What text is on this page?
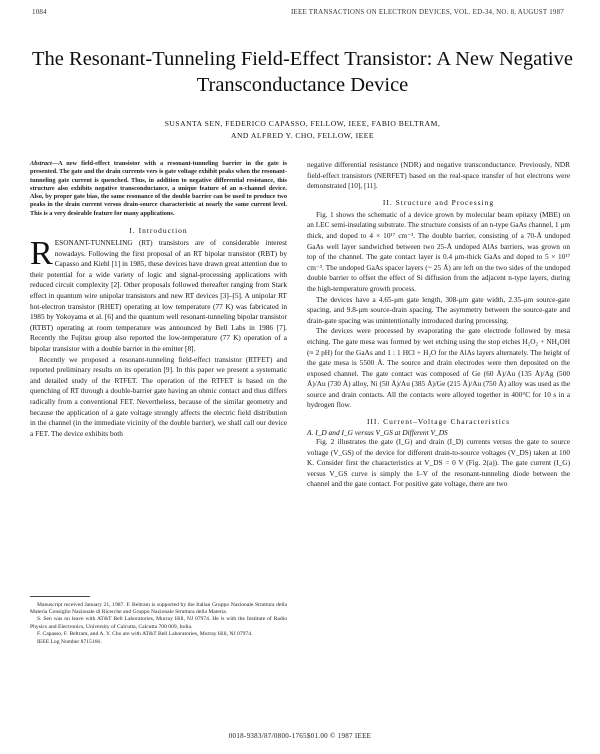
1084	IEEE TRANSACTIONS ON ELECTRON DEVICES, VOL. ED-34, NO. 8, AUGUST 1987
The Resonant-Tunneling Field-Effect Transistor: A New Negative Transconductance Device
SUSANTA SEN, FEDERICO CAPASSO, FELLOW, IEEE, FABIO BELTRAM,
AND ALFRED Y. CHO, FELLOW, IEEE
Abstract—A new field-effect transistor with a resonant-tunneling barrier in the gate is presented. The gate and the drain currents vers is gate voltage exhibit peaks when the resonant-tunneling gate current is quenched. Thus, in addition to negative differential resistance, this structure also exhibits negative transconductance, a unique feature of an n-channel device. Also, by proper gate bias, the same resonance of the double barrier can be used to produce two peaks in the drain current versus drain-source characteristic at nearly the same current level. This is a very desirable feature for many applications.
I. Introduction
RESONANT-TUNNELING (RT) transistors are of considerable interest nowadays. Following the first proposal of an RT bipolar transistor (RBT) by Capasso and Kiehl [1] in 1985, these devices have drawn great attention due to their potential for a wide variety of logic and signal-processing applications with reduced circuit complexity [2]. Other proposals followed thereafter ranging from Stark effect in quantum wire unipolar transistors and new RT devices [3]–[5]. A unipolar RT hot-electron transistor (RHET) operating at low temperature (77 K) was fabricated in 1985 by Yokoyama et al. [6] and the quantum well resonant-tunneling bipolar transistor (RTBT) operating at room temperature was announced by Bell Labs in 1986 [7]. Recently the Fujitsu group also reported the low-temperature (77 K) operation of a bipolar transistor with a double barrier in the emitter [8].

Recently we proposed a resonant-tunneling field-effect transistor (RTFET) and reported preliminary results on its operation [9]. In this paper we present a systematic and detailed study of the RTFET. The operation of the RTFET is based on the quenching of RT through a double-barrier gate having an ohmic contact and thus differs radically from a conventional FET. Nevertheless, because of the similar geometry and because the application of a gate voltage strongly affects the electric field distribution in the channel (in the immediate vicinity of the double barrier), we shall call our device a FET. The device exhibits both

Manuscript received January 21, 1987. F. Beltram is supported by the Italian Gruppo Nazionale Struttura della Materia Consiglio Nazionale di Ricerche and Gruppo Nazionale Struttura della Materia.

S. Sen was on leave with AT&T Bell Laboratories, Murray Hill, NJ 07974. He is with the Institute of Radio Physics and Electronics, University of Calcutta, Calcutta 700 009, India.

F. Capasso, F. Beltram, and A. Y. Cho are with AT&T Bell Laboratories, Murray Hill, NJ 07974.

IEEE Log Number 8715166.

negative differential resistance (NDR) and negative transconductance. Previously, NDR field-effect transistors (NERFET) based on the real-space transfer of hot electrons were demonstrated [10], [11].

II. Structure and Processing

Fig. 1 shows the schematic of a device grown by molecular beam epitaxy (MBE) on an LEC semi-insulating substrate. The structure consists of an n-type GaAs channel, 1 μm thick, and doped to 4 × 10¹⁷ cm⁻³. The double barrier, consisting of a 70-Å undoped GaAs well layer sandwiched between two 25-Å undoped AlAs barriers, was grown on top of the channel. The gate contact layer is 0.4 μm-thick GaAs and doped to 5 × 10¹⁷ cm⁻³. The undoped GaAs spacer layers (~ 25 Å) are left on the two sides of the undoped double barrier to offset the effect of Si diffusion from the adjacent n-type layers, during the high-temperature growth process.

The devices have a 4.65-μm gate length, 308-μm gate width, 2.35-μm source-gate spacing, and 9.8-μm source-drain spacing. The asymmetry between the source-gate and drain-gate spacing was unintentionally introduced during processing.

The devices were processed by evaporating the gate electrode followed by mesa etching. The gate mesa was formed by wet etching using the stop etches H₂O₂ + NH₄OH (≈ 2 pH) for the GaAs and 1 : 1 HCl + H₂O for the AlAs layers alternately. The height of the gate mesa is 5500 Å. The source and drain electrodes were then deposited on the exposed channel. The gate contact was composed of Ge (60 Å)/Au (135 Å)/Ag (500 Å)/Au (730 Å) alloy, Ni (50 Å)/Au (385 Å)/Ge (215 Å)/Au (750 Å) alloy was used as the source and drain contacts. All the contacts were alloyed together in 400°C for 10 s in a hydrogen flow.

III. Current–Voltage Characteristics

A. I_D and I_G versus V_GS at Different V_DS

Fig. 2 illustrates the gate (I_G) and drain (I_D) currents versus the gate to source voltage (V_GS) of the device for different drain-to-source voltages (V_DS) taken at 100 K. Consider first the characteristics at V_DS = 0 V (Fig. 2(a)). The gate current (I_G) versus V_GS curve is simply the I–V of the resonant-tunneling diode between the channel and the gate contact. For positive gate voltage, there are two

0018-9383/87/0800-1765$01.00 © 1987 IEEE
